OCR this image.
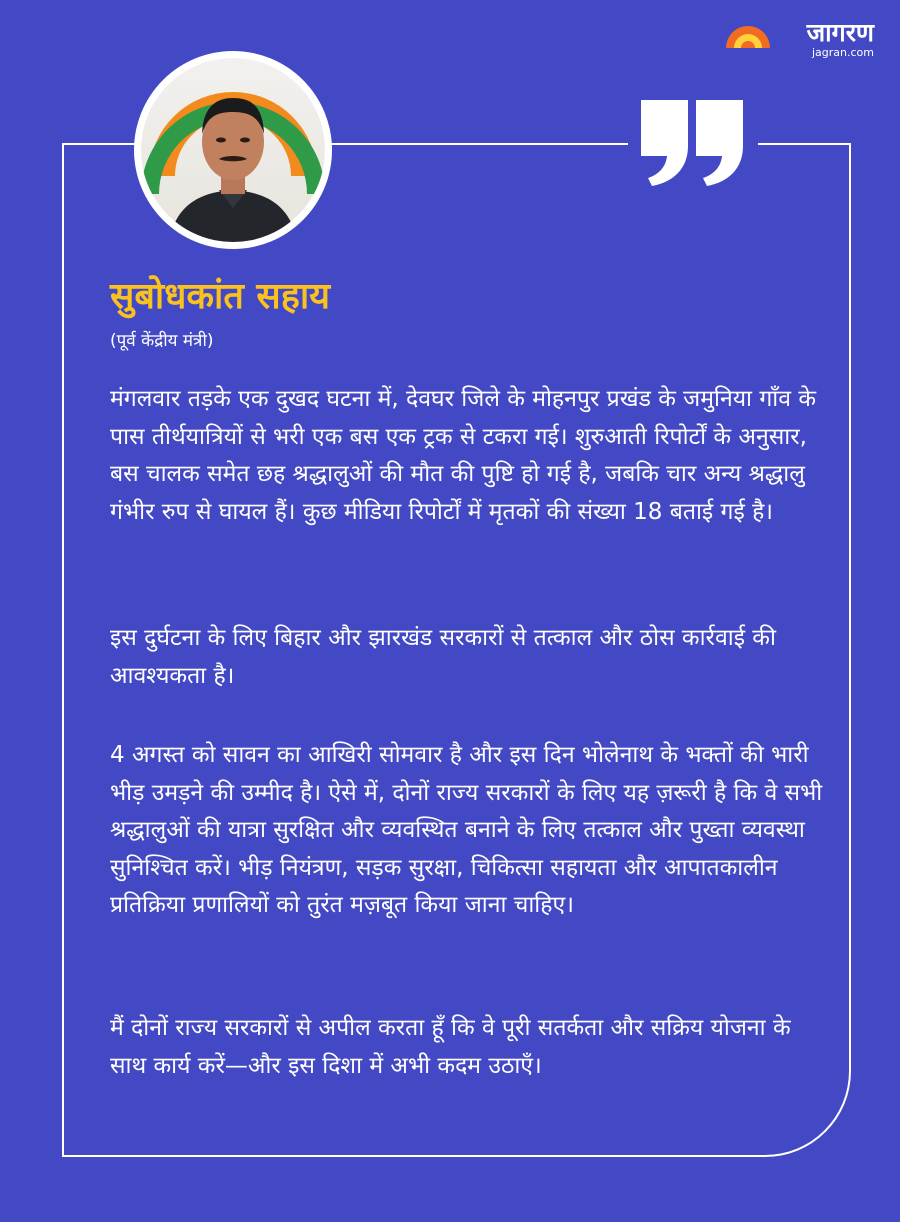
जागरण
jagran.com
सुबोधकांत सहाय
(पूर्व केंद्रीय मंत्री)

मंगलवार तड़के एक दुखद घटना में, देवघर जिले के मोहनपुर प्रखंड के जमुनिया गाँव के पास तीर्थयात्रियों से भरी एक बस एक ट्रक से टकरा गई। शुरुआती रिपोर्टों के अनुसार, बस चालक समेत छह श्रद्धालुओं की मौत की पुष्टि हो गई है, जबकि चार अन्य श्रद्धालु गंभीर रुप से घायल हैं। कुछ मीडिया रिपोर्टों में मृतकों की संख्या 18 बताई गई है।

इस दुर्घटना के लिए बिहार और झारखंड सरकारों से तत्काल और ठोस कार्रवाई की आवश्यकता है।

4 अगस्त को सावन का आखिरी सोमवार है और इस दिन भोलेनाथ के भक्तों की भारी भीड़ उमड़ने की उम्मीद है। ऐसे में, दोनों राज्य सरकारों के लिए यह ज़रूरी है कि वे सभी श्रद्धालुओं की यात्रा सुरक्षित और व्यवस्थित बनाने के लिए तत्काल और पुख्ता व्यवस्था सुनिश्चित करें। भीड़ नियंत्रण, सड़क सुरक्षा, चिकित्सा सहायता और आपातकालीन प्रतिक्रिया प्रणालियों को तुरंत मज़बूत किया जाना चाहिए।

मैं दोनों राज्य सरकारों से अपील करता हूँ कि वे पूरी सतर्कता और सक्रिय योजना के साथ कार्य करें—और इस दिशा में अभी कदम उठाएँ।
